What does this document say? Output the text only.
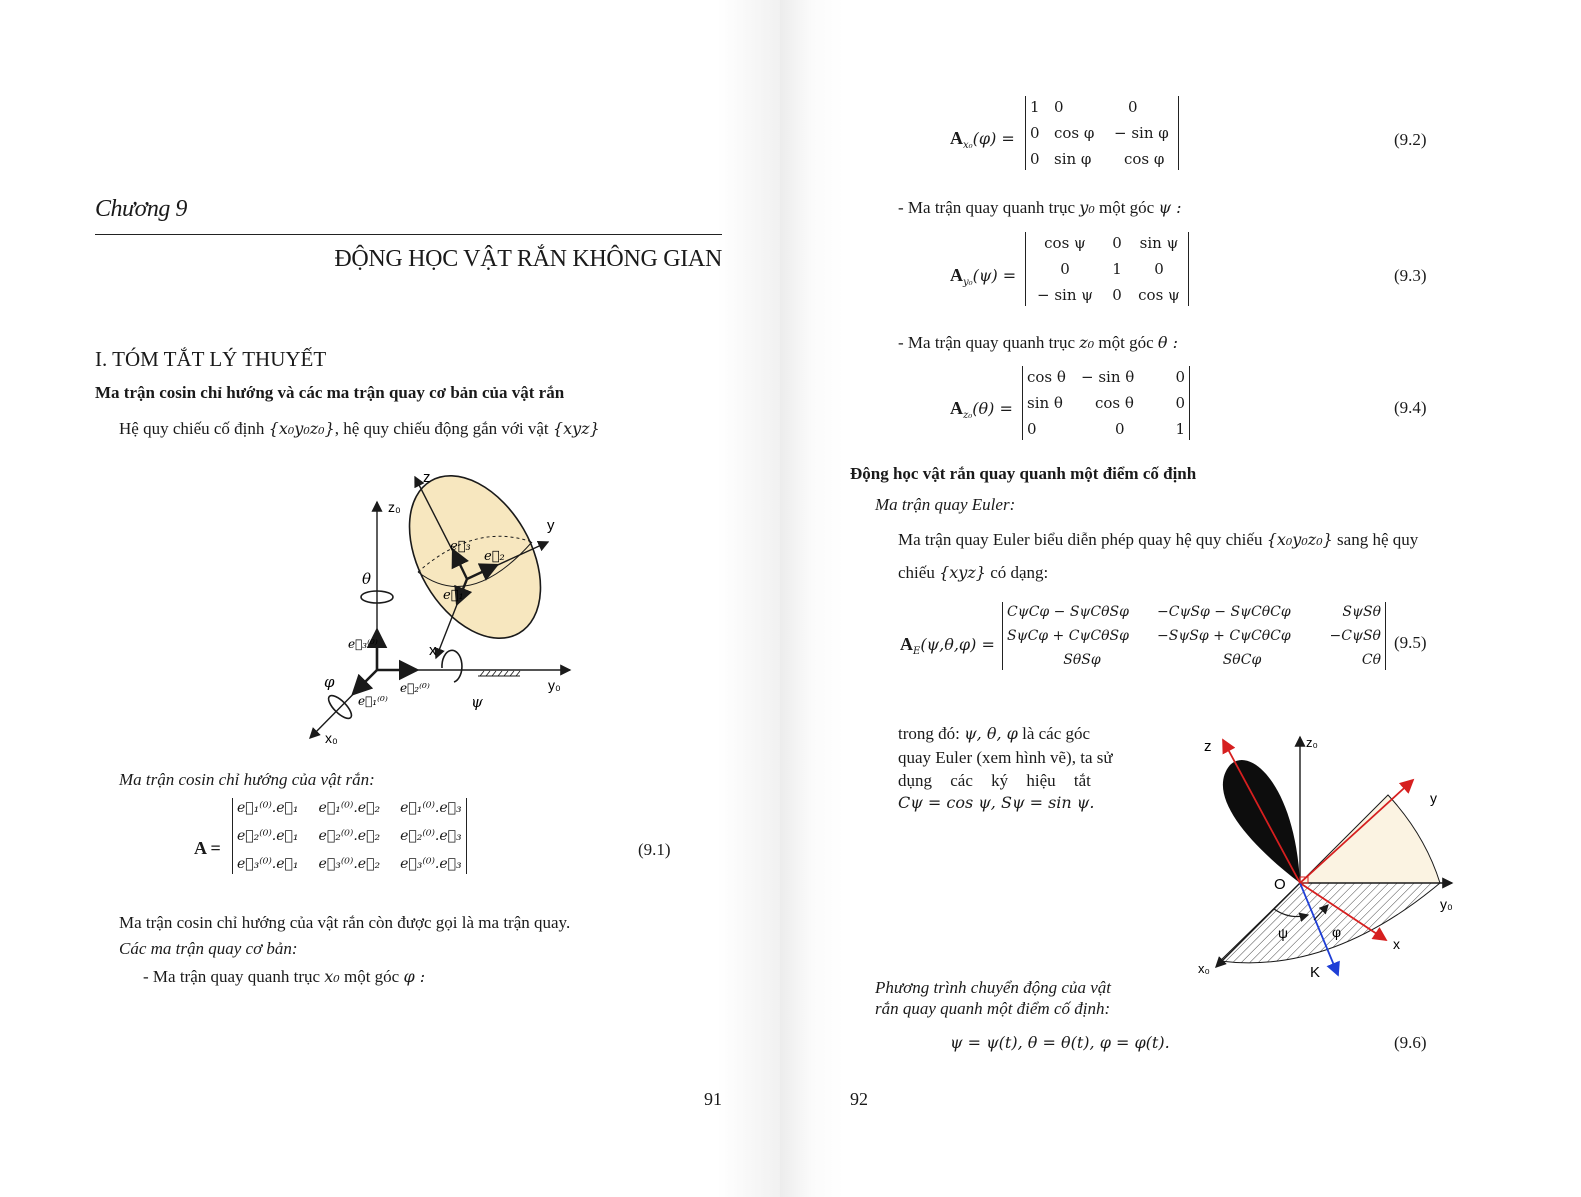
Chương 9
ĐỘNG HỌC VẬT RẮN KHÔNG GIAN
I. TÓM TẮT LÝ THUYẾT
Ma trận cosin chỉ hướng và các ma trận quay cơ bản của vật rắn
Hệ quy chiếu cố định {x₀y₀z₀}, hệ quy chiếu động gắn với vật {xyz}
z
z₀
y
y₀
x
x₀
θ
φ
ψ
e⃗₁
e⃗₂
e⃗₃
e⃗₁⁽⁰⁾
e⃗₂⁽⁰⁾
e⃗₃⁽⁰⁾
Ma trận cosin chỉ hướng của vật rắn:
A =
e⃗₁⁽⁰⁾.e⃗₁ e⃗₁⁽⁰⁾.e⃗₂ e⃗₁⁽⁰⁾.e⃗₃
e⃗₂⁽⁰⁾.e⃗₁ e⃗₂⁽⁰⁾.e⃗₂ e⃗₂⁽⁰⁾.e⃗₃
e⃗₃⁽⁰⁾.e⃗₁ e⃗₃⁽⁰⁾.e⃗₂ e⃗₃⁽⁰⁾.e⃗₃
(9.1)
Ma trận cosin chỉ hướng của vật rắn còn được gọi là ma trận quay.
Các ma trận quay cơ bản:
- Ma trận quay quanh trục x₀ một góc φ :
91
$A_{x_0}(\varphi)$ =
1 0	0
0 cos φ	− sin φ
0 sin φ	cos φ
(9.2)
- Ma trận quay quanh trục y₀ một góc ψ :
$A_{y_0}(\psi)$ =
cos ψ	0	sin ψ
0	1	0
− sin ψ	0	cos ψ
(9.3)
- Ma trận quay quanh trục z₀ một góc θ :
$A_{z_0}(\theta)$ =
cos θ	− sin θ	0
sin θ	cos θ	0
0	0	1
(9.4)
Động học vật rắn quay quanh một điểm cố định
Ma trận quay Euler:
Ma trận quay Euler biểu diễn phép quay hệ quy chiếu {x₀y₀z₀} sang hệ quy
chiếu {xyz} có dạng:
$A_E(\psi,\theta,\varphi)$ =
CψCφ − SψCθSφ	−CψSφ − SψCθCφ	SψSθ
SψCφ + CψCθSφ	−SψSφ + CψCθCφ	−CψSθ
SθSφ	SθCφ	Cθ
(9.5)
trong đó: ψ, θ, φ là các góc
quay Euler (xem hình vẽ), ta sử
dụng các ký hiệu tắt
Cψ = cos ψ, Sψ = sin ψ.
z	z₀
y
y₀
x
x₀
O
K
ψ	φ
Phương trình chuyển động của vật
rắn quay quanh một điểm cố định:
ψ = ψ(t), θ = θ(t), φ = φ(t).	(9.6)
92
